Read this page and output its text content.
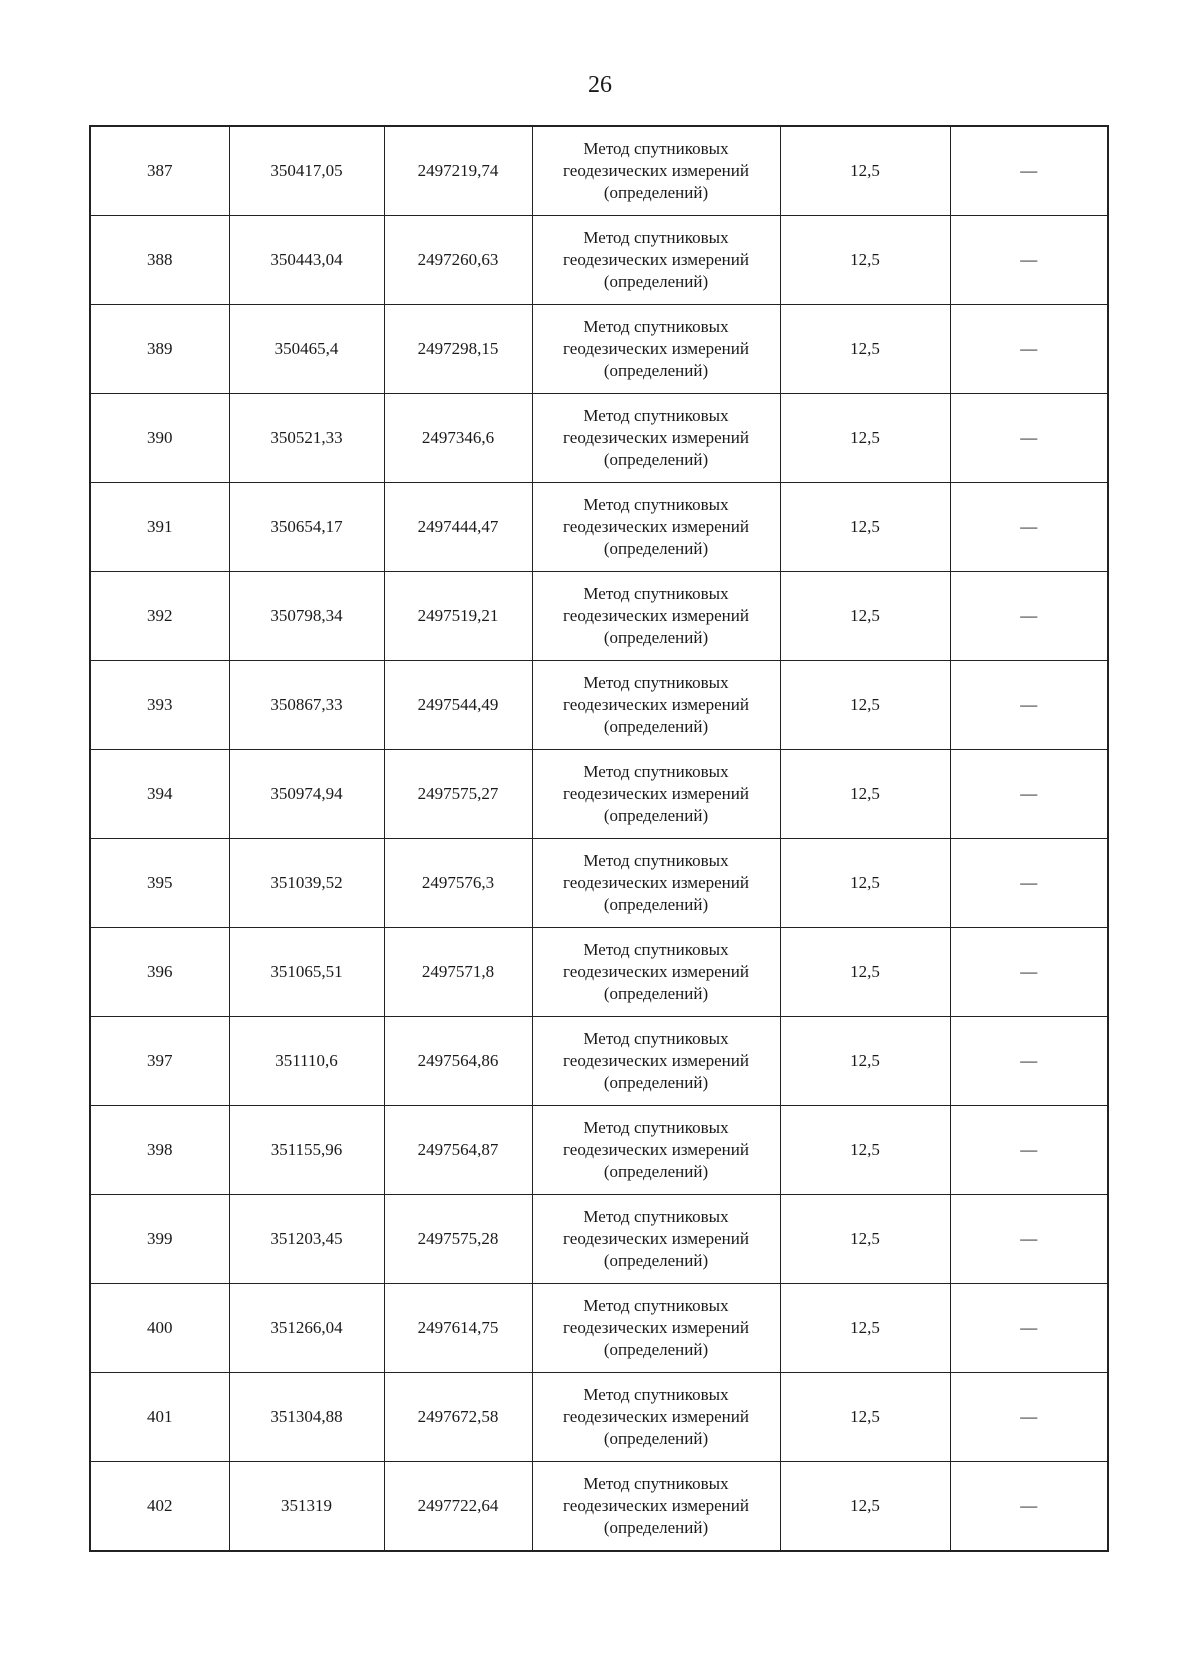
26
387	350417,05	2497219,74	Метод спутниковых
геодезических измерений
(определений)	12,5	—
388	350443,04	2497260,63	Метод спутниковых
геодезических измерений
(определений)	12,5	—
389	350465,4	2497298,15	Метод спутниковых
геодезических измерений
(определений)	12,5	—
390	350521,33	2497346,6	Метод спутниковых
геодезических измерений
(определений)	12,5	—
391	350654,17	2497444,47	Метод спутниковых
геодезических измерений
(определений)	12,5	—
392	350798,34	2497519,21	Метод спутниковых
геодезических измерений
(определений)	12,5	—
393	350867,33	2497544,49	Метод спутниковых
геодезических измерений
(определений)	12,5	—
394	350974,94	2497575,27	Метод спутниковых
геодезических измерений
(определений)	12,5	—
395	351039,52	2497576,3	Метод спутниковых
геодезических измерений
(определений)	12,5	—
396	351065,51	2497571,8	Метод спутниковых
геодезических измерений
(определений)	12,5	—
397	351110,6	2497564,86	Метод спутниковых
геодезических измерений
(определений)	12,5	—
398	351155,96	2497564,87	Метод спутниковых
геодезических измерений
(определений)	12,5	—
399	351203,45	2497575,28	Метод спутниковых
геодезических измерений
(определений)	12,5	—
400	351266,04	2497614,75	Метод спутниковых
геодезических измерений
(определений)	12,5	—
401	351304,88	2497672,58	Метод спутниковых
геодезических измерений
(определений)	12,5	—
402	351319	2497722,64	Метод спутниковых
геодезических измерений
(определений)	12,5	—
